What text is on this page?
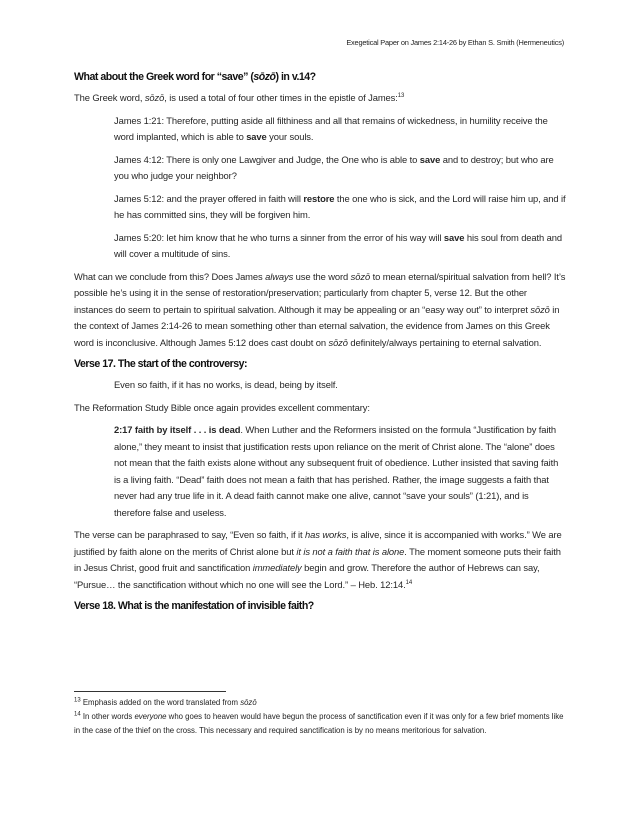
Exegetical Paper on James 2:14-26 by Ethan S. Smith (Hermeneutics)

What about the Greek word for “save” (sōzō) in v.14?

The Greek word, sōzō, is used a total of four other times in the epistle of James:$^{13}$

James 1:21: Therefore, putting aside all filthiness and all that remains of wickedness, in humility receive the word implanted, which is able to save your souls.

James 4:12: There is only one Lawgiver and Judge, the One who is able to save and to destroy; but who are you who judge your neighbor?

James 5:12: and the prayer offered in faith will restore the one who is sick, and the Lord will raise him up, and if he has committed sins, they will be forgiven him.

James 5:20: let him know that he who turns a sinner from the error of his way will save his soul from death and will cover a multitude of sins.

What can we conclude from this? Does James always use the word sōzō to mean eternal/spiritual salvation from hell? It’s possible he’s using it in the sense of restoration/preservation; particularly from chapter 5, verse 12. But the other instances do seem to pertain to spiritual salvation. Although it may be appealing or an “easy way out” to interpret sōzō in the context of James 2:14-26 to mean something other than eternal salvation, the evidence from James on this Greek word is inconclusive. Although James 5:12 does cast doubt on sōzō definitely/always pertaining to eternal salvation.

Verse 17. The start of the controversy:

Even so faith, if it has no works, is dead, being by itself.

The Reformation Study Bible once again provides excellent commentary:

2:17 faith by itself . . . is dead. When Luther and the Reformers insisted on the formula “Justification by faith alone,” they meant to insist that justification rests upon reliance on the merit of Christ alone. The “alone” does not mean that the faith exists alone without any subsequent fruit of obedience. Luther insisted that saving faith is a living faith. “Dead” faith does not mean a faith that has perished. Rather, the image suggests a faith that never had any true life in it. A dead faith cannot make one alive, cannot “save your souls” (1:21), and is therefore false and useless.

The verse can be paraphrased to say, “Even so faith, if it has works, is alive, since it is accompanied with works.” We are justified by faith alone on the merits of Christ alone but it is not a faith that is alone. The moment someone puts their faith in Jesus Christ, good fruit and sanctification immediately begin and grow. Therefore the author of Hebrews can say, “Pursue… the sanctification without which no one will see the Lord.” – Heb. 12:14.14

Verse 18. What is the manifestation of invisible faith?

$^{13}$ Emphasis added on the word translated from sōzō

$^{14}$ In other words everyone who goes to heaven would have begun the process of sanctification even if it was only for a few brief moments like in the case of the thief on the cross. This necessary and required sanctification is by no means meritorious for salvation.
